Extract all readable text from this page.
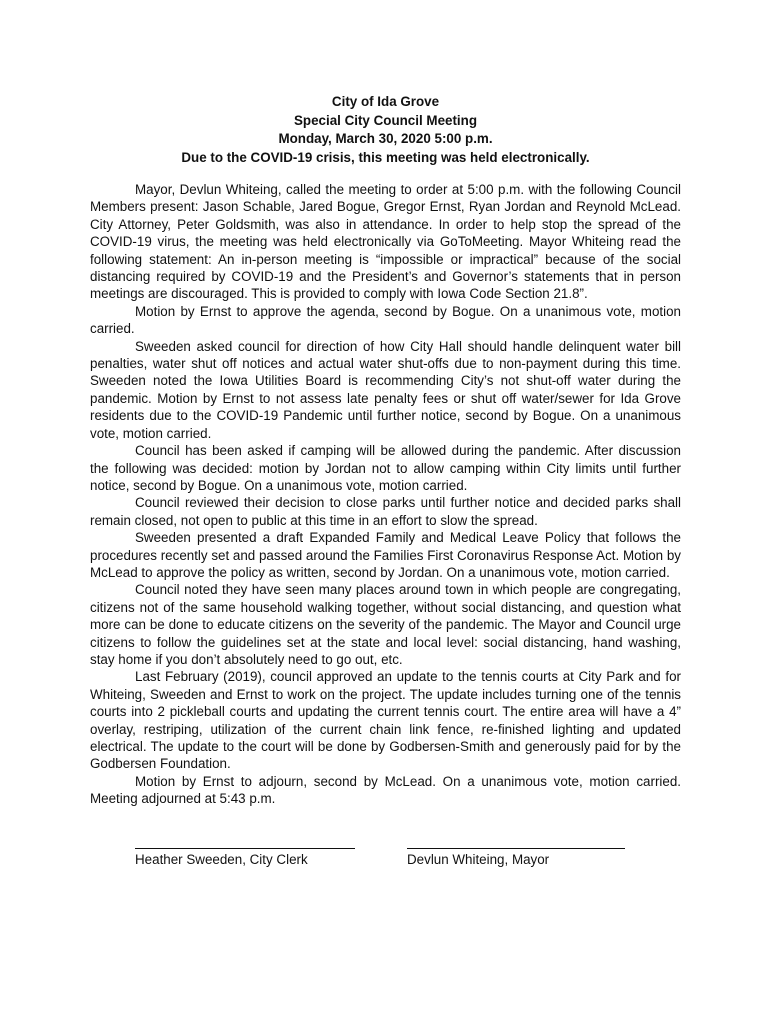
City of Ida Grove
Special City Council Meeting
Monday, March 30, 2020 5:00 p.m.
Due to the COVID-19 crisis, this meeting was held electronically.

Mayor, Devlun Whiteing, called the meeting to order at 5:00 p.m. with the following Council Members present: Jason Schable, Jared Bogue, Gregor Ernst, Ryan Jordan and Reynold McLead. City Attorney, Peter Goldsmith, was also in attendance. In order to help stop the spread of the COVID-19 virus, the meeting was held electronically via GoToMeeting. Mayor Whiteing read the following statement: An in-person meeting is “impossible or impractical” because of the social distancing required by COVID-19 and the President’s and Governor’s statements that in person meetings are discouraged. This is provided to comply with Iowa Code Section 21.8”.

Motion by Ernst to approve the agenda, second by Bogue. On a unanimous vote, motion carried.

Sweeden asked council for direction of how City Hall should handle delinquent water bill penalties, water shut off notices and actual water shut-offs due to non-payment during this time. Sweeden noted the Iowa Utilities Board is recommending City’s not shut-off water during the pandemic. Motion by Ernst to not assess late penalty fees or shut off water/sewer for Ida Grove residents due to the COVID-19 Pandemic until further notice, second by Bogue. On a unanimous vote, motion carried.

Council has been asked if camping will be allowed during the pandemic. After discussion the following was decided: motion by Jordan not to allow camping within City limits until further notice, second by Bogue. On a unanimous vote, motion carried.

Council reviewed their decision to close parks until further notice and decided parks shall remain closed, not open to public at this time in an effort to slow the spread.

Sweeden presented a draft Expanded Family and Medical Leave Policy that follows the procedures recently set and passed around the Families First Coronavirus Response Act. Motion by McLead to approve the policy as written, second by Jordan. On a unanimous vote, motion carried.

Council noted they have seen many places around town in which people are congregating, citizens not of the same household walking together, without social distancing, and question what more can be done to educate citizens on the severity of the pandemic. The Mayor and Council urge citizens to follow the guidelines set at the state and local level: social distancing, hand washing, stay home if you don’t absolutely need to go out, etc.

Last February (2019), council approved an update to the tennis courts at City Park and for Whiteing, Sweeden and Ernst to work on the project. The update includes turning one of the tennis courts into 2 pickleball courts and updating the current tennis court. The entire area will have a 4” overlay, restriping, utilization of the current chain link fence, re-finished lighting and updated electrical. The update to the court will be done by Godbersen-Smith and generously paid for by the Godbersen Foundation.

Motion by Ernst to adjourn, second by McLead. On a unanimous vote, motion carried. Meeting adjourned at 5:43 p.m.

Heather Sweeden, City Clerk	Devlun Whiteing, Mayor
